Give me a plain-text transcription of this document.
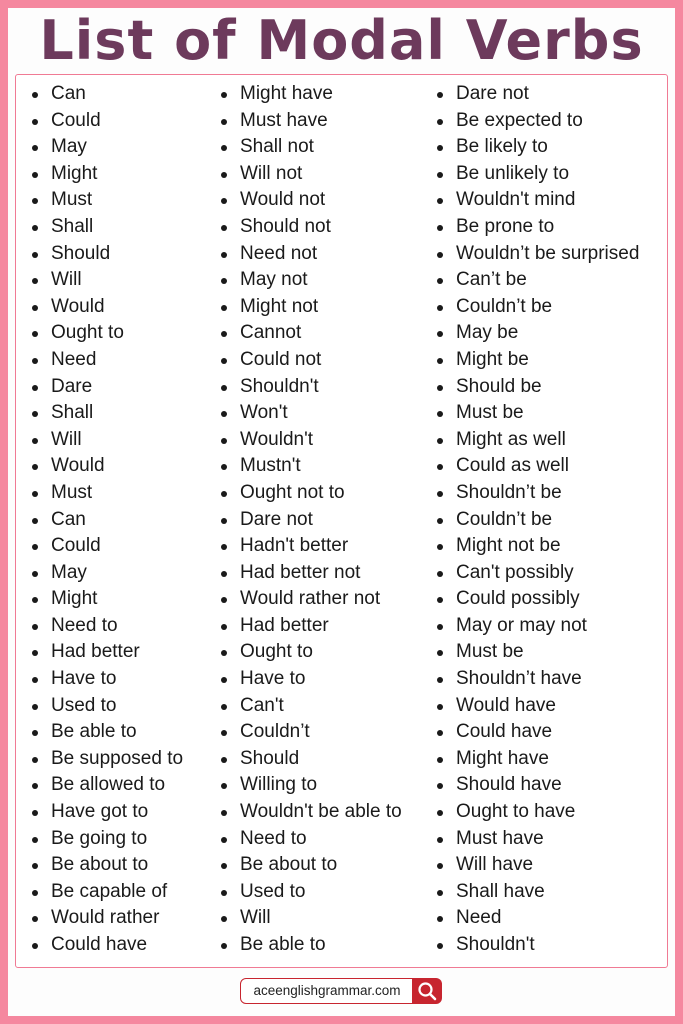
List of Modal Verbs
Can
Could
May
Might
Must
Shall
Should
Will
Would
Ought to
Need
Dare
Shall
Will
Would
Must
Can
Could
May
Might
Need to
Had better
Have to
Used to
Be able to
Be supposed to
Be allowed to
Have got to
Be going to
Be about to
Be capable of
Would rather
Could have
Might have
Must have
Shall not
Will not
Would not
Should not
Need not
May not
Might not
Cannot
Could not
Shouldn't
Won't
Wouldn't
Mustn't
Ought not to
Dare not
Hadn't better
Had better not
Would rather not
Had better
Ought to
Have to
Can't
Couldn’t
Should
Willing to
Wouldn't be able to
Need to
Be about to
Used to
Will
Be able to
Dare not
Be expected to
Be likely to
Be unlikely to
Wouldn't mind
Be prone to
Wouldn’t be surprised
Can’t be
Couldn’t be
May be
Might be
Should be
Must be
Might as well
Could as well
Shouldn’t be
Couldn’t be
Might not be
Can't possibly
Could possibly
May or may not
Must be
Shouldn’t have
Would have
Could have
Might have
Should have
Ought to have
Must have
Will have
Shall have
Need
Shouldn't
aceenglishgrammar.com
